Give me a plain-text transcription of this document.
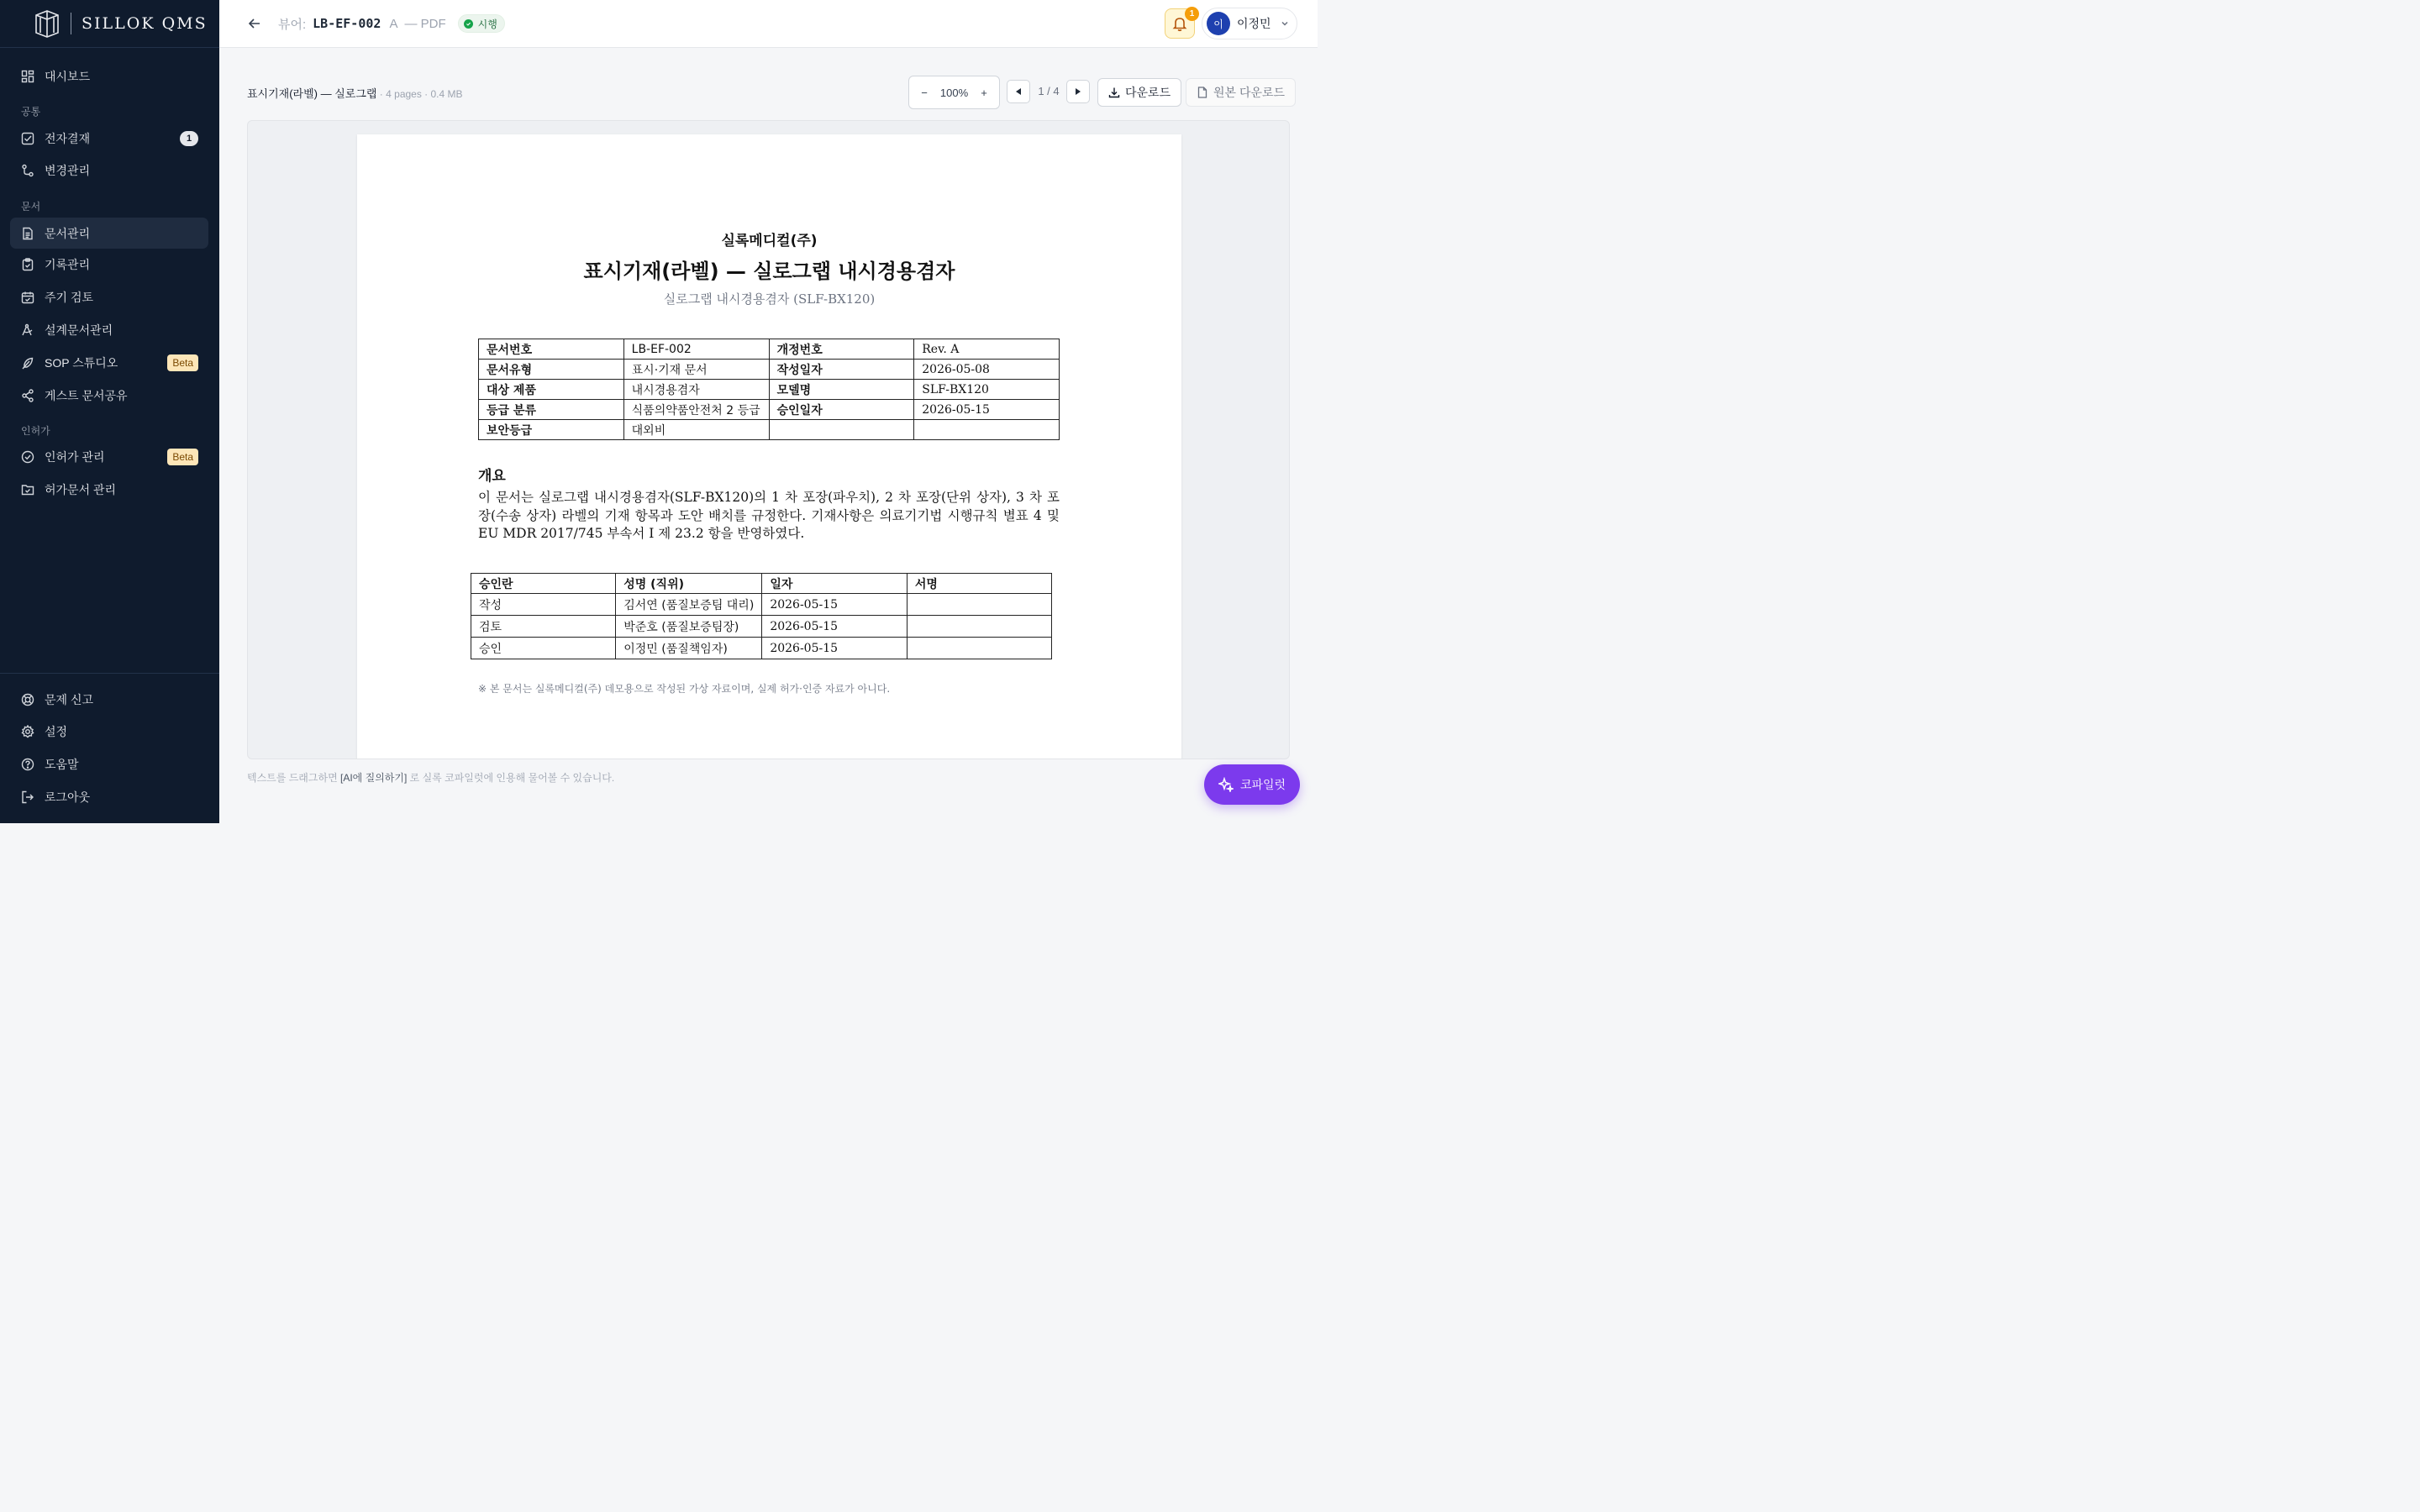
SILLOK QMS
대시보드
공통
전자결재	1
변경관리
문서
문서관리
기록관리
주기 검토
설계문서관리
SOP 스튜디오	Beta
게스트 문서공유
인허가
인허가 관리	Beta
허가문서 관리
문제 신고
설정
도움말
로그아웃
뷰어: LB-EF-002 A — PDF	시행
1
이	이정민
표시기재(라벨) — 실로그랩 · 4 pages · 0.4 MB	−	100%	+	1 / 4	다운로드	원본 다운로드
실록메디컬(주)
표시기재(라벨) — 실로그랩 내시경용겸자
실로그랩 내시경용겸자 (SLF-BX120)
문서번호	LB-EF-002	개정번호	Rev. A
문서유형	표시·기재 문서	작성일자	2026-05-08
대상 제품	내시경용겸자	모델명	SLF-BX120
등급 분류	식품의약품안전처 2 등급	승인일자	2026-05-15
보안등급	대외비		
개요
이 문서는 실로그랩 내시경용겸자(SLF-BX120)의 1 차 포장(파우치), 2 차 포장(단위 상자), 3 차 포장(수송 상자) 라벨의 기재 항목과 도안 배치를 규정한다. 기재사항은 의료기기법 시행규칙 별표 4 및 EU MDR 2017/745 부속서 I 제 23.2 항을 반영하였다.
승인란	성명 (직위)	일자	서명
작성	김서연 (품질보증팀 대리)	2026-05-15	
검토	박준호 (품질보증팀장)	2026-05-15	
승인	이정민 (품질책임자)	2026-05-15	
※ 본 문서는 실록메디컬(주) 데모용으로 작성된 가상 자료이며, 실제 허가·인증 자료가 아니다.
텍스트를 드래그하면 [AI에 질의하기] 로 실록 코파일럿에 인용해 물어볼 수 있습니다.	코파일럿
